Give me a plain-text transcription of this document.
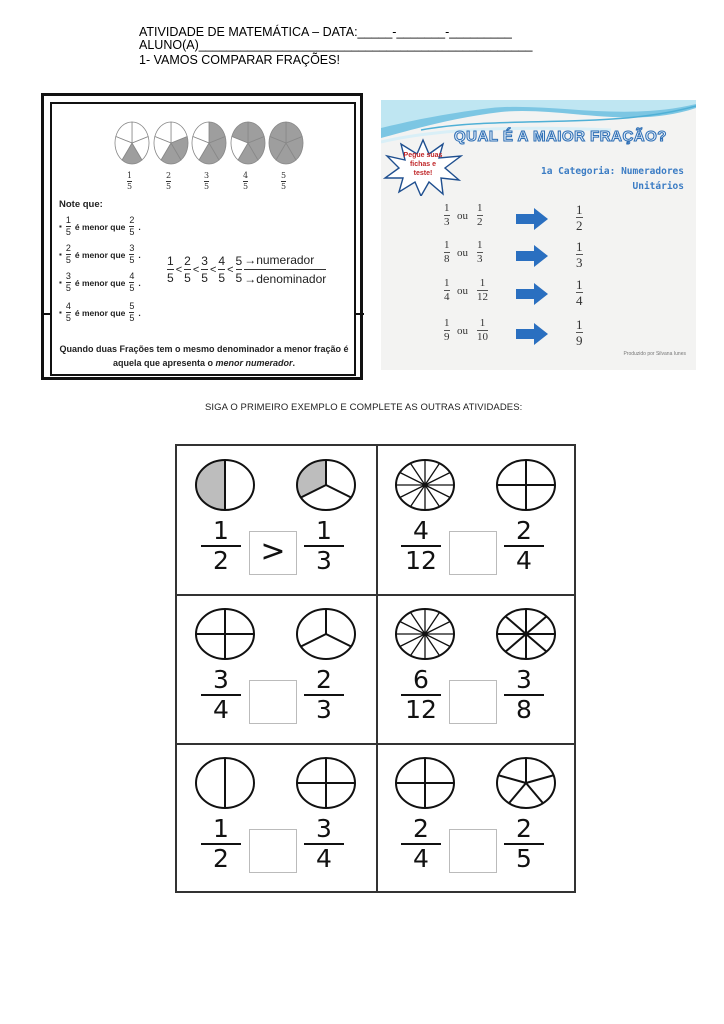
ATIVIDADE DE MATEMÁTICA – DATA:_____-_______-_________
ALUNO(A)________________________________________________
1- VAMOS COMPARAR FRAÇÕES!
1
5
2
5
3
5
4
5
5
5
Note que:
▪ $\frac{1}{5}$ é menor que $\frac{2}{5}$ .
▪ $\frac{2}{5}$ é menor que $\frac{3}{5}$ .
▪ $\frac{3}{5}$ é menor que $\frac{4}{5}$ .
▪ $\frac{4}{5}$ é menor que $\frac{5}{5}$ .
$\frac{1}{5} < \frac{2}{5} < \frac{3}{5} < \frac{4}{5} < \frac{5}{5}$ →numerador
→denominador
Quando duas Frações tem o mesmo denominador a menor fração é
aquela que apresenta o menor numerador.
QUAL É A MAIOR FRAÇÃO?
Pegue suas
fichas e teste!	1a Categoria: Numeradores
Unitários
1
3 ou
1
2
1
2
1
8 ou
1
3
1
3
1
4 ou
1
12
1
4
1
9 ou
1
10
1
9
Produzido por Silvana Iunes
SIGA O PRIMEIRO EXEMPLO E COMPLETE AS OUTRAS ATIVIDADES:
1
2	>
1
3
4
12
2
4
3
4
2
3
6
12
3
8
1
2
3
4
2
4
2
5
